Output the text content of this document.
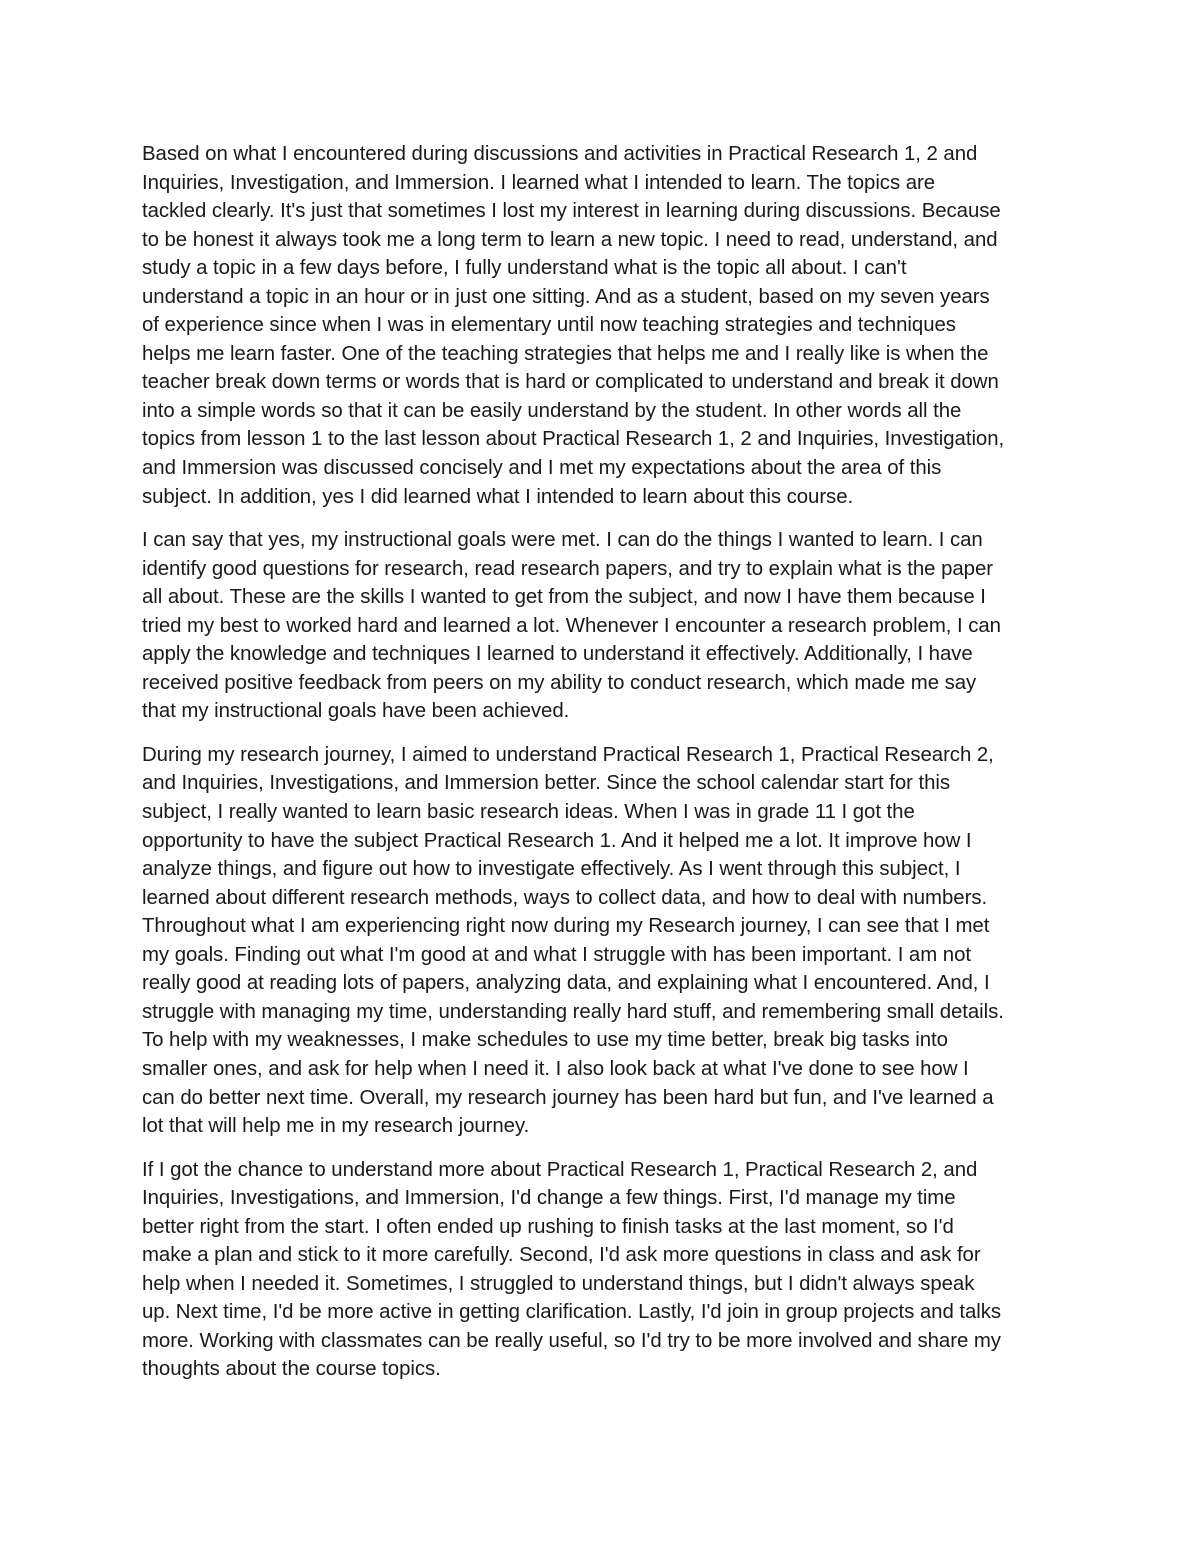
Based on what I encountered during discussions and activities in Practical Research 1, 2 and
Inquiries, Investigation, and Immersion. I learned what I intended to learn. The topics are
tackled clearly. It's just that sometimes I lost my interest in learning during discussions. Because
to be honest it always took me a long term to learn a new topic. I need to read, understand, and
study a topic in a few days before, I fully understand what is the topic all about. I can't
understand a topic in an hour or in just one sitting. And as a student, based on my seven years
of experience since when I was in elementary until now teaching strategies and techniques
helps me learn faster. One of the teaching strategies that helps me and I really like is when the
teacher break down terms or words that is hard or complicated to understand and break it down
into a simple words so that it can be easily understand by the student. In other words all the
topics from lesson 1 to the last lesson about Practical Research 1, 2 and Inquiries, Investigation,
and Immersion was discussed concisely and I met my expectations about the area of this
subject. In addition, yes I did learned what I intended to learn about this course.

I can say that yes, my instructional goals were met. I can do the things I wanted to learn. I can
identify good questions for research, read research papers, and try to explain what is the paper
all about. These are the skills I wanted to get from the subject, and now I have them because I
tried my best to worked hard and learned a lot. Whenever I encounter a research problem, I can
apply the knowledge and techniques I learned to understand it effectively. Additionally, I have
received positive feedback from peers on my ability to conduct research, which made me say
that my instructional goals have been achieved.

During my research journey, I aimed to understand Practical Research 1, Practical Research 2,
and Inquiries, Investigations, and Immersion better. Since the school calendar start for this
subject, I really wanted to learn basic research ideas. When I was in grade 11 I got the
opportunity to have the subject Practical Research 1. And it helped me a lot. It improve how I
analyze things, and figure out how to investigate effectively. As I went through this subject, I
learned about different research methods, ways to collect data, and how to deal with numbers.
Throughout what I am experiencing right now during my Research journey, I can see that I met
my goals. Finding out what I'm good at and what I struggle with has been important. I am not
really good at reading lots of papers, analyzing data, and explaining what I encountered. And, I
struggle with managing my time, understanding really hard stuff, and remembering small details.
To help with my weaknesses, I make schedules to use my time better, break big tasks into
smaller ones, and ask for help when I need it. I also look back at what I've done to see how I
can do better next time. Overall, my research journey has been hard but fun, and I've learned a
lot that will help me in my research journey.

If I got the chance to understand more about Practical Research 1, Practical Research 2, and
Inquiries, Investigations, and Immersion, I'd change a few things. First, I'd manage my time
better right from the start. I often ended up rushing to finish tasks at the last moment, so I'd
make a plan and stick to it more carefully. Second, I'd ask more questions in class and ask for
help when I needed it. Sometimes, I struggled to understand things, but I didn't always speak
up. Next time, I'd be more active in getting clarification. Lastly, I'd join in group projects and talks
more. Working with classmates can be really useful, so I'd try to be more involved and share my
thoughts about the course topics.
